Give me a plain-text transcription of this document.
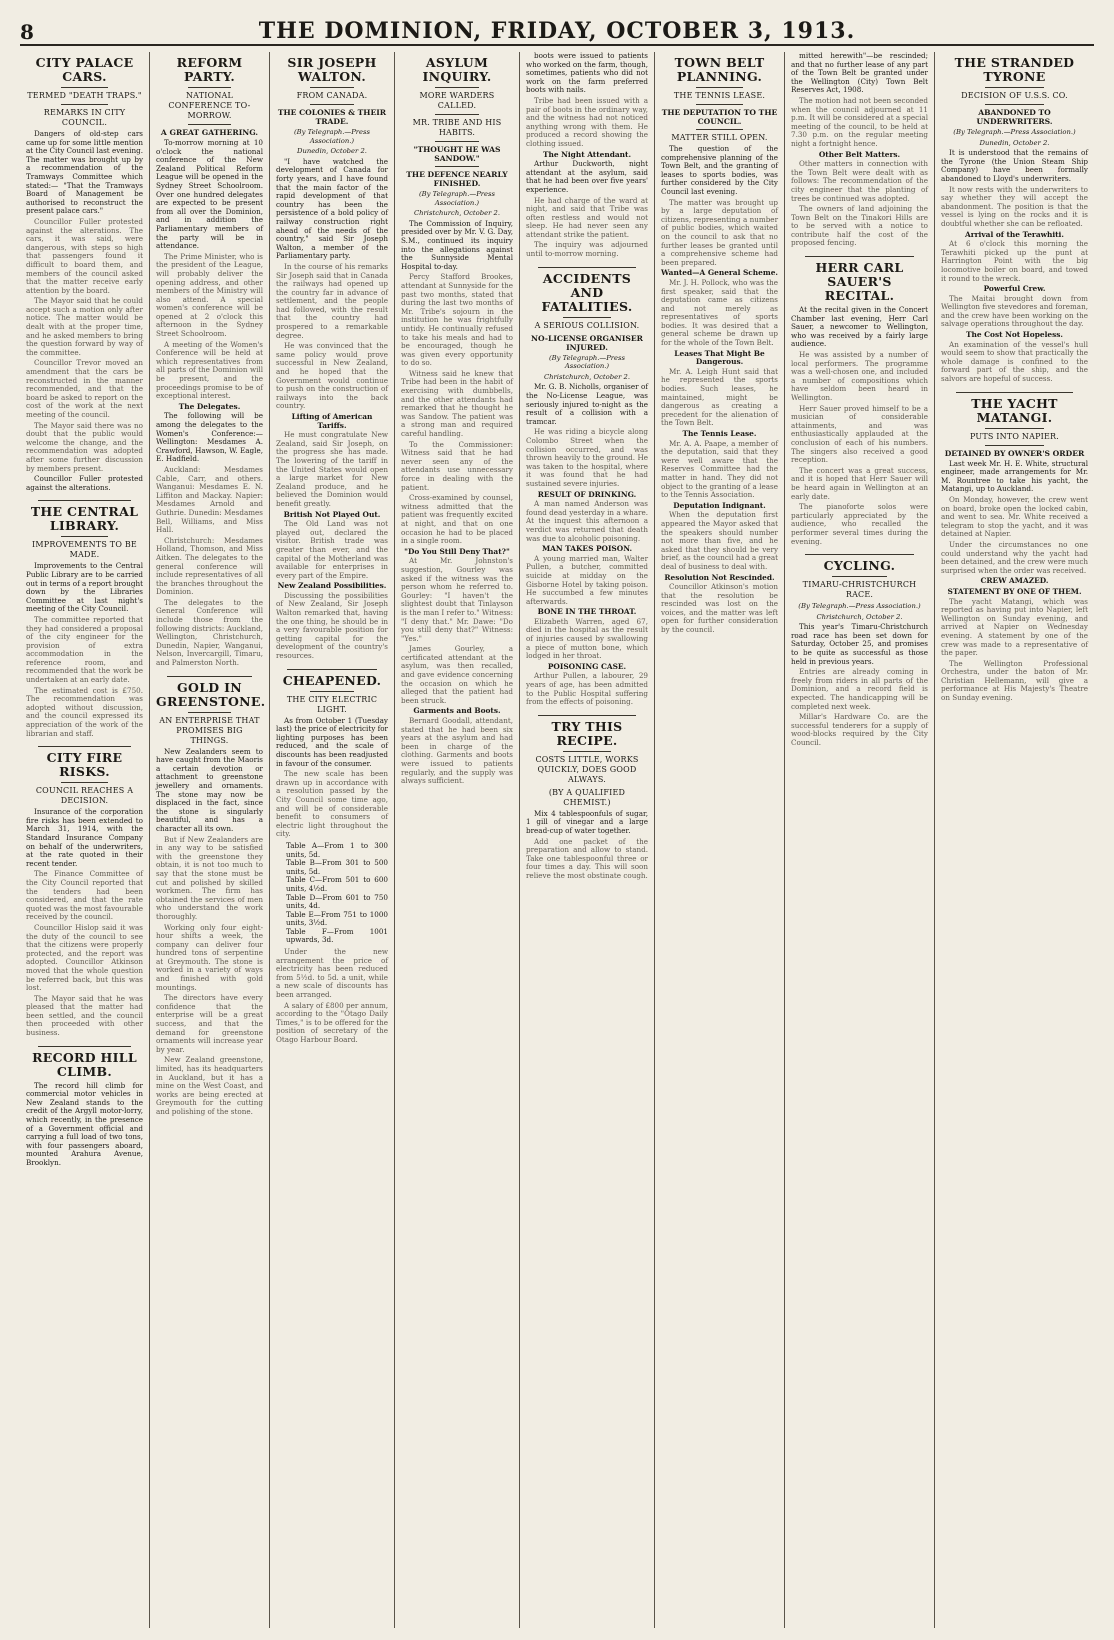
8	THE DOMINION, FRIDAY, OCTOBER 3, 1913.
CITY PALACE CARS.
TERMED "DEATH TRAPS."
REMARKS IN CITY COUNCIL.

Dangers of old-step cars came up for some little mention at the City Council last evening. The matter was brought up by a recommendation of the Tramways Committee which stated:— "That the Tramways Board of Management be authorised to reconstruct the present palace cars."

Councillor Fuller protested against the alterations. The cars, it was said, were dangerous, with steps so high that passengers found it difficult to board them, and members of the council asked that the matter receive early attention by the board.

The Mayor said that he could accept such a motion only after notice. The matter would be dealt with at the proper time, and he asked members to bring the question forward by way of the committee.

Councillor Trevor moved an amendment that the cars be reconstructed in the manner recommended, and that the board be asked to report on the cost of the work at the next meeting of the council.

The Mayor said there was no doubt that the public would welcome the change, and the recommendation was adopted after some further discussion by members present.

Councillor Fuller protested against the alterations.

THE CENTRAL LIBRARY.
IMPROVEMENTS TO BE MADE.

Improvements to the Central Public Library are to be carried out in terms of a report brought down by the Libraries Committee at last night's meeting of the City Council.

The committee reported that they had considered a proposal of the city engineer for the provision of extra accommodation in the reference room, and recommended that the work be undertaken at an early date.

The estimated cost is £750. The recommendation was adopted without discussion, and the council expressed its appreciation of the work of the librarian and staff.

CITY FIRE RISKS.
COUNCIL REACHES A DECISION.

Insurance of the corporation fire risks has been extended to March 31, 1914, with the Standard Insurance Company on behalf of the underwriters, at the rate quoted in their recent tender.

The Finance Committee of the City Council reported that the tenders had been considered, and that the rate quoted was the most favourable received by the council.

Councillor Hislop said it was the duty of the council to see that the citizens were properly protected, and the report was adopted. Councillor Atkinson moved that the whole question be referred back, but this was lost.

The Mayor said that he was pleased that the matter had been settled, and the council then proceeded with other business.

RECORD HILL CLIMB.

The record hill climb for commercial motor vehicles in New Zealand stands to the credit of the Argyll motor-lorry, which recently, in the presence of a Government official and carrying a full load of two tons, with four passengers aboard, mounted Arahura Avenue, Brooklyn.

REFORM PARTY.
NATIONAL CONFERENCE TO-MORROW.
A GREAT GATHERING.

To-morrow morning at 10 o'clock the national conference of the New Zealand Political Reform League will be opened in the Sydney Street Schoolroom. Over one hundred delegates are expected to be present from all over the Dominion, and in addition the Parliamentary members of the party will be in attendance.

The Prime Minister, who is the president of the League, will probably deliver the opening address, and other members of the Ministry will also attend. A special women's conference will be opened at 2 o'clock this afternoon in the Sydney Street Schoolroom.

A meeting of the Women's Conference will be held at which representatives from all parts of the Dominion will be present, and the proceedings promise to be of exceptional interest.

The Delegates.

The following will be among the delegates to the Women's Conference:— Wellington: Mesdames A. Crawford, Hawson, W. Eagle, E. Hadfield.

Auckland: Mesdames Cable, Carr, and others. Wanganui: Mesdames E. N. Liffiton and Mackay. Napier: Mesdames Arnold and Guthrie. Dunedin: Mesdames Bell, Williams, and Miss Hall.

Christchurch: Mesdames Holland, Thomson, and Miss Aitken. The delegates to the general conference will include representatives of all the branches throughout the Dominion.

The delegates to the General Conference will include those from the following districts: Auckland, Wellington, Christchurch, Dunedin, Napier, Wanganui, Nelson, Invercargill, Timaru, and Palmerston North.

GOLD IN GREENSTONE.
AN ENTERPRISE THAT PROMISES BIG THINGS.

New Zealanders seem to have caught from the Maoris a certain devotion or attachment to greenstone jewellery and ornaments. The stone may now be displaced in the fact, since the stone is singularly beautiful, and has a character all its own.

But if New Zealanders are in any way to be satisfied with the greenstone they obtain, it is not too much to say that the stone must be cut and polished by skilled workmen. The firm has obtained the services of men who understand the work thoroughly.

Working only four eight-hour shifts a week, the company can deliver four hundred tons of serpentine at Greymouth. The stone is worked in a variety of ways and finished with gold mountings.

The directors have every confidence that the enterprise will be a great success, and that the demand for greenstone ornaments will increase year by year.

New Zealand greenstone, limited, has its headquarters in Auckland, but it has a mine on the West Coast, and works are being erected at Greymouth for the cutting and polishing of the stone.

SIR JOSEPH WALTON.
FROM CANADA.
THE COLONIES & THEIR TRADE.
(By Telegraph.—Press Association.)
Dunedin, October 2.

"I have watched the development of Canada for forty years, and I have found that the main factor of the rapid development of that country has been the persistence of a bold policy of railway construction right ahead of the needs of the country," said Sir Joseph Walton, a member of the Parliamentary party.

In the course of his remarks Sir Joseph said that in Canada the railways had opened up the country far in advance of settlement, and the people had followed, with the result that the country had prospered to a remarkable degree.

He was convinced that the same policy would prove successful in New Zealand, and he hoped that the Government would continue to push on the construction of railways into the back country.

Lifting of American Tariffs.

He must congratulate New Zealand, said Sir Joseph, on the progress she has made. The lowering of the tariff in the United States would open a large market for New Zealand produce, and he believed the Dominion would benefit greatly.

British Not Played Out.

The Old Land was not played out, declared the visitor. British trade was greater than ever, and the capital of the Motherland was available for enterprises in every part of the Empire.

New Zealand Possibilities.

Discussing the possibilities of New Zealand, Sir Joseph Walton remarked that, having the one thing, he should be in a very favourable position for getting capital for the development of the country's resources.

CHEAPENED.
THE CITY ELECTRIC LIGHT.

As from October 1 (Tuesday last) the price of electricity for lighting purposes has been reduced, and the scale of discounts has been readjusted in favour of the consumer.

The new scale has been drawn up in accordance with a resolution passed by the City Council some time ago, and will be of considerable benefit to consumers of electric light throughout the city.

Table A—From 1 to 300 units, 5d.
Table B—From 301 to 500 units, 5d.
Table C—From 501 to 600 units, 4½d.
Table D—From 601 to 750 units, 4d.
Table E—From 751 to 1000 units, 3½d.
Table F—From 1001 upwards, 3d.

Under the new arrangement the price of electricity has been reduced from 5½d. to 5d. a unit, while a new scale of discounts has been arranged.

A salary of £800 per annum, according to the "Otago Daily Times," is to be offered for the position of secretary of the Otago Harbour Board.

ASYLUM INQUIRY.
MORE WARDERS CALLED.
MR. TRIBE AND HIS HABITS.
"THOUGHT HE WAS SANDOW."
THE DEFENCE NEARLY FINISHED.
(By Telegraph.—Press Association.)
Christchurch, October 2.

The Commission of Inquiry, presided over by Mr. V. G. Day, S.M., continued its inquiry into the allegations against the Sunnyside Mental Hospital to-day.

Percy Stafford Brookes, attendant at Sunnyside for the past two months, stated that during the last two months of Mr. Tribe's sojourn in the institution he was frightfully untidy. He continually refused to take his meals and had to be encouraged, though he was given every opportunity to do so.

Witness said he knew that Tribe had been in the habit of exercising with dumbbells, and the other attendants had remarked that he thought he was Sandow. The patient was a strong man and required careful handling.

To the Commissioner: Witness said that he had never seen any of the attendants use unnecessary force in dealing with the patient.

Cross-examined by counsel, witness admitted that the patient was frequently excited at night, and that on one occasion he had to be placed in a single room.

"Do You Still Deny That?"

At Mr. Johnston's suggestion, Gourley was asked if the witness was the person whom he referred to. Gourley: "I haven't the slightest doubt that Tinlayson is the man I refer to." Witness: "I deny that." Mr. Dawe: "Do you still deny that?" Witness: "Yes."

James Gourley, a certificated attendant at the asylum, was then recalled, and gave evidence concerning the occasion on which he alleged that the patient had been struck.

Garments and Boots.

Bernard Goodall, attendant, stated that he had been six years at the asylum and had been in charge of the clothing. Garments and boots were issued to patients regularly, and the supply was always sufficient.

boots were issued to patients who worked on the farm, though, sometimes, patients who did not work on the farm preferred boots with nails.

Tribe had been issued with a pair of boots in the ordinary way, and the witness had not noticed anything wrong with them. He produced a record showing the clothing issued.

The Night Attendant.

Arthur Duckworth, night attendant at the asylum, said that he had been over five years' experience.

He had charge of the ward at night, and said that Tribe was often restless and would not sleep. He had never seen any attendant strike the patient.

The inquiry was adjourned until to-morrow morning.

ACCIDENTS AND FATALITIES.
A SERIOUS COLLISION.
NO-LICENSE ORGANISER INJURED.
(By Telegraph.—Press Association.)
Christchurch, October 2.

Mr. G. B. Nicholls, organiser of the No-License League, was seriously injured to-night as the result of a collision with a tramcar.

He was riding a bicycle along Colombo Street when the collision occurred, and was thrown heavily to the ground. He was taken to the hospital, where it was found that he had sustained severe injuries.

RESULT OF DRINKING.

A man named Anderson was found dead yesterday in a whare. At the inquest this afternoon a verdict was returned that death was due to alcoholic poisoning.

MAN TAKES POISON.

A young married man, Walter Pullen, a butcher, committed suicide at midday on the Gisborne Hotel by taking poison. He succumbed a few minutes afterwards.

BONE IN THE THROAT.

Elizabeth Warren, aged 67, died in the hospital as the result of injuries caused by swallowing a piece of mutton bone, which lodged in her throat.

POISONING CASE.

Arthur Pullen, a labourer, 29 years of age, has been admitted to the Public Hospital suffering from the effects of poisoning.

TRY THIS RECIPE.
COSTS LITTLE, WORKS QUICKLY, DOES GOOD ALWAYS.
(BY A QUALIFIED CHEMIST.)

Mix 4 tablespoonfuls of sugar, 1 gill of vinegar and a large bread-cup of water together.

Add one packet of the preparation and allow to stand. Take one tablespoonful three or four times a day. This will soon relieve the most obstinate cough.

TOWN BELT PLANNING.
THE TENNIS LEASE.
THE DEPUTATION TO THE COUNCIL.
MATTER STILL OPEN.

The question of the comprehensive planning of the Town Belt, and the granting of leases to sports bodies, was further considered by the City Council last evening.

The matter was brought up by a large deputation of citizens, representing a number of public bodies, which waited on the council to ask that no further leases be granted until a comprehensive scheme had been prepared.

Wanted—A General Scheme.

Mr. J. H. Pollock, who was the first speaker, said that the deputation came as citizens and not merely as representatives of sports bodies. It was desired that a general scheme be drawn up for the whole of the Town Belt.

Leases That Might Be Dangerous.

Mr. A. Leigh Hunt said that he represented the sports bodies. Such leases, he maintained, might be dangerous as creating a precedent for the alienation of the Town Belt.

The Tennis Lease.

Mr. A. A. Paape, a member of the deputation, said that they were well aware that the Reserves Committee had the matter in hand. They did not object to the granting of a lease to the Tennis Association.

Deputation Indignant.

When the deputation first appeared the Mayor asked that the speakers should number not more than five, and he asked that they should be very brief, as the council had a great deal of business to deal with.

Resolution Not Rescinded.

Councillor Atkinson's motion that the resolution be rescinded was lost on the voices, and the matter was left open for further consideration by the council.

mitted herewith"—be rescinded; and that no further lease of any part of the Town Belt be granted under the Wellington (City) Town Belt Reserves Act, 1908.

The motion had not been seconded when the council adjourned at 11 p.m. It will be considered at a special meeting of the council, to be held at 7.30 p.m. on the regular meeting night a fortnight hence.

Other Belt Matters.

Other matters in connection with the Town Belt were dealt with as follows: The recommendation of the city engineer that the planting of trees be continued was adopted.

The owners of land adjoining the Town Belt on the Tinakori Hills are to be served with a notice to contribute half the cost of the proposed fencing.

HERR CARL SAUER'S RECITAL.

At the recital given in the Concert Chamber last evening, Herr Carl Sauer, a newcomer to Wellington, who was received by a fairly large audience.

He was assisted by a number of local performers. The programme was a well-chosen one, and included a number of compositions which have seldom been heard in Wellington.

Herr Sauer proved himself to be a musician of considerable attainments, and was enthusiastically applauded at the conclusion of each of his numbers. The singers also received a good reception.

The concert was a great success, and it is hoped that Herr Sauer will be heard again in Wellington at an early date.

The pianoforte solos were particularly appreciated by the audience, who recalled the performer several times during the evening.

CYCLING.
TIMARU-CHRISTCHURCH RACE.
(By Telegraph.—Press Association.)
Christchurch, October 2.

This year's Timaru-Christchurch road race has been set down for Saturday, October 25, and promises to be quite as successful as those held in previous years.

Entries are already coming in freely from riders in all parts of the Dominion, and a record field is expected. The handicapping will be completed next week.

Millar's Hardware Co. are the successful tenderers for a supply of wood-blocks required by the City Council.

THE STRANDED TYRONE
DECISION OF U.S.S. CO.
ABANDONED TO UNDERWRITERS.
(By Telegraph.—Press Association.)
Dunedin, October 2.

It is understood that the remains of the Tyrone (the Union Steam Ship Company) have been formally abandoned to Lloyd's underwriters.

It now rests with the underwriters to say whether they will accept the abandonment. The position is that the vessel is lying on the rocks and it is doubtful whether she can be refloated.

Arrival of the Terawhiti.

At 6 o'clock this morning the Terawhiti picked up the punt at Harrington Point with the big locomotive boiler on board, and towed it round to the wreck.

Powerful Crew.

The Maitai brought down from Wellington five stevedores and foreman, and the crew have been working on the salvage operations throughout the day.

The Cost Not Hopeless.

An examination of the vessel's hull would seem to show that practically the whole damage is confined to the forward part of the ship, and the salvors are hopeful of success.

THE YACHT MATANGI.
PUTS INTO NAPIER.
DETAINED BY OWNER'S ORDER

Last week Mr. H. E. White, structural engineer, made arrangements for Mr. M. Rountree to take his yacht, the Matangi, up to Auckland.

On Monday, however, the crew went on board, broke open the locked cabin, and went to sea. Mr. White received a telegram to stop the yacht, and it was detained at Napier.

Under the circumstances no one could understand why the yacht had been detained, and the crew were much surprised when the order was received.

CREW AMAZED.
STATEMENT BY ONE OF THEM.

The yacht Matangi, which was reported as having put into Napier, left Wellington on Sunday evening, and arrived at Napier on Wednesday evening. A statement by one of the crew was made to a representative of the paper.

The Wellington Professional Orchestra, under the baton of Mr. Christian Hellemann, will give a performance at His Majesty's Theatre on Sunday evening.
